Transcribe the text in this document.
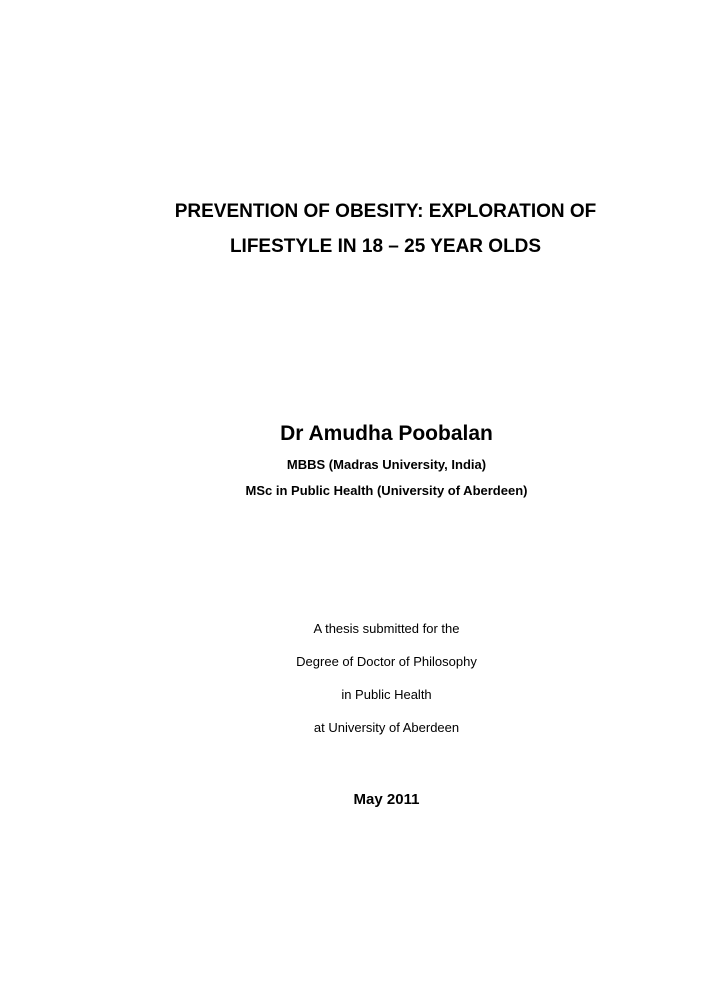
PREVENTION OF OBESITY: EXPLORATION OF
LIFESTYLE IN 18 – 25 YEAR OLDS
Dr Amudha Poobalan
MBBS (Madras University, India)
MSc in Public Health (University of Aberdeen)
A thesis submitted for the
Degree of Doctor of Philosophy
in Public Health
at University of Aberdeen
May 2011
